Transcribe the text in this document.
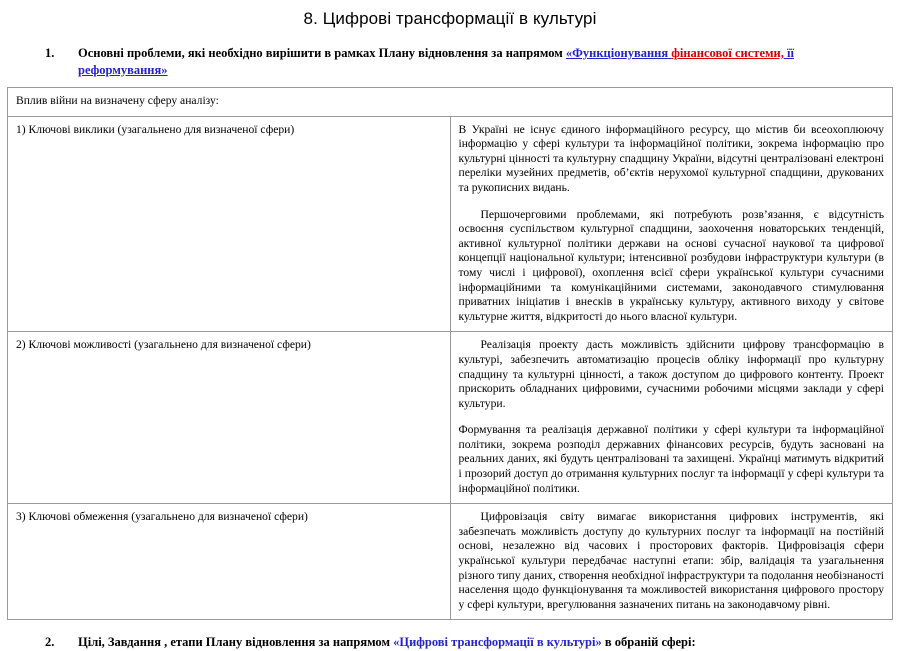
8. Цифрові трансформації в культурі
1.	Основні проблеми, які необхідно вирішити в рамках Плану відновлення за напрямом «Функціонування фінансової системи, її реформування»
Вплив війни на визначену сферу аналізу:	
1) Ключові виклики (узагальнено для визначеної сфери)	В Україні не існує єдиного інформаційного ресурсу, що містив би всеохоплюючу інформацію у сфері культури та інформаційної політики, зокрема інформацію про культурні цінності та культурну спадщину України, відсутні централізовані електроні переліки музейних предметів, об’єктів нерухомої культурної спадщини, друкованих та рукописних видань.

Першочерговими проблемами, які потребують розв’язання, є відсутність освоєння суспільством культурної спадщини, заохочення новаторських тенденцій, активної культурної політики держави на основі сучасної наукової та цифрової концепції національної культури; інтенсивної розбудови інфраструктури культури (в тому числі і цифрової), охоплення всієї сфери української культури сучасними інформаційними та комунікаційними системами, законодавчого стимулювання приватних ініціатив і внесків в українську культуру, активного виходу у світове культурне життя, відкритості до нього власної культури.

2) Ключові можливості (узагальнено для визначеної сфери)	Реалізація проекту дасть можливість здійснити цифрову трансформацію в культурі, забезпечить автоматизацію процесів обліку інформації про культурну спадщину та культурні цінності, а також доступом до цифрового контенту. Проект прискорить обладнаних цифровими, сучасними робочими місцями заклади у сфері культури.

Формування та реалізація державної політики у сфері культури та інформаційної політики, зокрема розподіл державних фінансових ресурсів, будуть засновані на реальних даних, які будуть централізовані та захищені. Українці матимуть відкритий і прозорий доступ до отримання культурних послуг та інформації у сфері культури та інформаційної політики.

3) Ключові обмеження (узагальнено для визначеної сфери)	Цифровізація світу вимагає використання цифрових інструментів, які забезпечать можливість доступу до культурних послуг та інформації на постійній основі, незалежно від часових і просторових факторів. Цифровізація сфери української культури передбачає наступні етапи: збір, валідація та узагальнення різного типу даних, створення необхідної інфраструктури та подолання необізнаності населення щодо функціонування та можливостей використання цифрового простору у сфері культури, врегулювання зазначених питань на законодавчому рівні.

2.	Цілі, Завдання , етапи Плану відновлення за напрямом «Цифрові трансформації в культурі» в обраній сфері:
